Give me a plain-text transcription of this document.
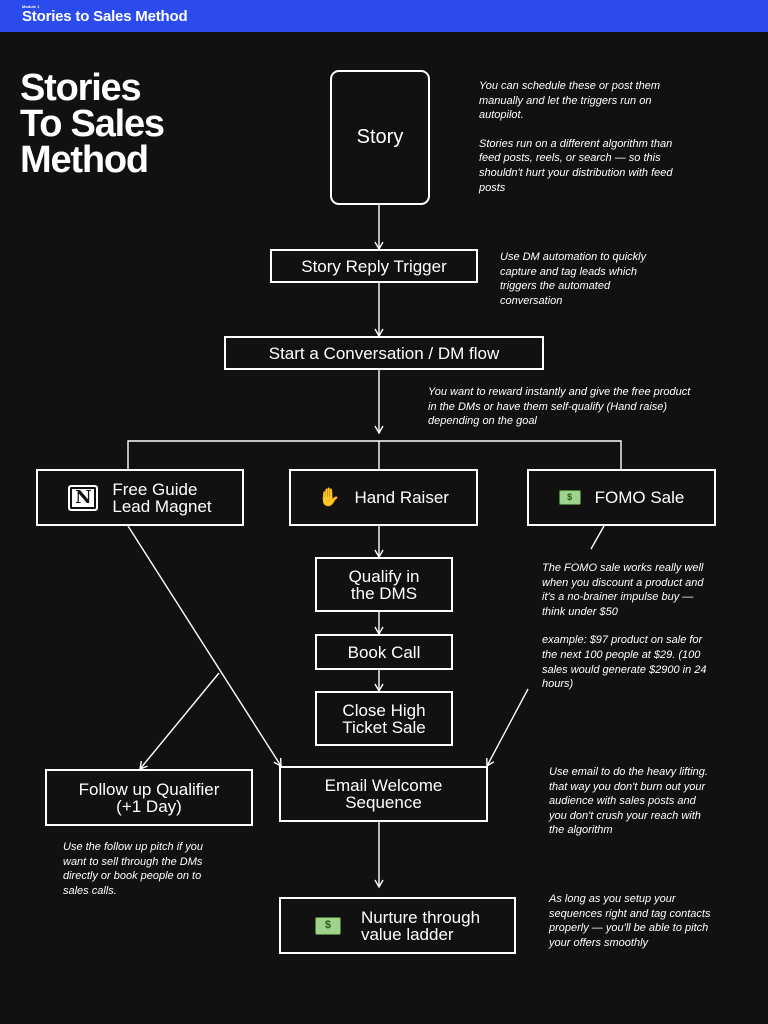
Module 1
Stories to Sales Method
Stories
To Sales
Method
Story
Story Reply Trigger
Start a Conversation / DM flow
N	Free Guide
Lead Magnet	✋ Hand Raiser	$	FOMO Sale
Qualify in
the DMS
Book Call
Close High
Ticket Sale
Follow up Qualifier
(+1 Day)
Email Welcome
Sequence
$	Nurture through
value ladder

You can schedule these or post them manually and let the triggers run on autopilot.

Stories run on a different algorithm than feed posts, reels, or search — so this shouldn't hurt your distribution with feed posts

Use DM automation to quickly capture and tag leads which triggers the automated conversation

You want to reward instantly and give the free product in the DMs or have them self-qualify (Hand raise) depending on the goal

The FOMO sale works really well when you discount a product and it's a no-brainer impulse buy — think under $50

example: $97 product on sale for the next 100 people at $29. (100 sales would generate $2900 in 24 hours)

Use email to do the heavy lifting. that way you don't burn out your audience with sales posts and you don't crush your reach with the algorithm

Use the follow up pitch if you want to sell through the DMs directly or book people on to sales calls.

As long as you setup your sequences right and tag contacts properly — you'll be able to pitch your offers smoothly
